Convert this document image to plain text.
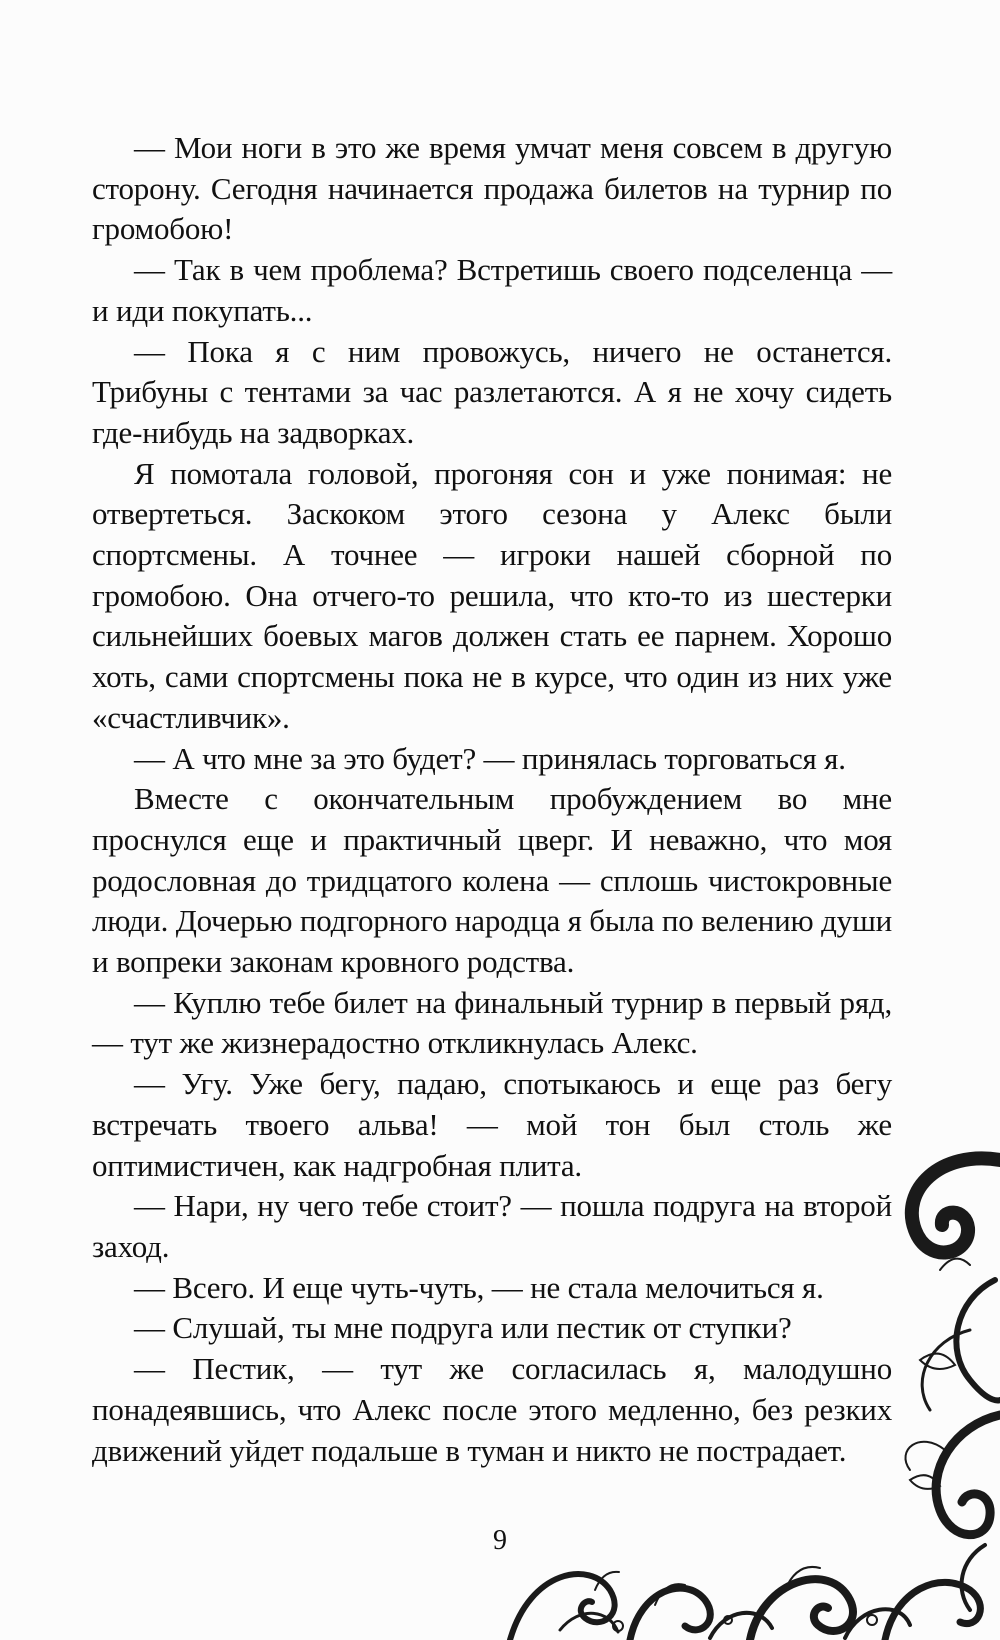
— Мои ноги в это же время умчат меня совсем в другую сторону. Сегодня начинается продажа билетов на турнир по громобою!

— Так в чем проблема? Встретишь своего подселенца — и иди покупать...

— Пока я с ним провожусь, ничего не останется. Трибуны с тентами за час разлетаются. А я не хочу сидеть где-нибудь на задворках.

Я помотала головой, прогоняя сон и уже понимая: не отвертеться. Заскоком этого сезона у Алекс были спортсмены. А точнее — игроки нашей сборной по громобою. Она отчего-то решила, что кто-то из шестерки сильнейших боевых магов должен стать ее парнем. Хорошо хоть, сами спортсмены пока не в курсе, что один из них уже «счастливчик».

— А что мне за это будет? — принялась торговаться я.

Вместе с окончательным пробуждением во мне проснулся еще и практичный цверг. И неважно, что моя родословная до тридцатого колена — сплошь чистокровные люди. Дочерью подгорного народца я была по велению души и вопреки законам кровного родства.

— Куплю тебе билет на финальный турнир в первый ряд, — тут же жизнерадостно откликнулась Алекс.

— Угу. Уже бегу, падаю, спотыкаюсь и еще раз бегу встречать твоего альва! — мой тон был столь же оптимистичен, как надгробная плита.

— Нари, ну чего тебе стоит? — пошла подруга на второй заход.

— Всего. И еще чуть-чуть, — не стала мелочиться я.

— Слушай, ты мне подруга или пестик от ступки?

— Пестик, — тут же согласилась я, малодушно понадеявшись, что Алекс после этого медленно, без резких движений уйдет подальше в туман и никто не пострадает.

9
